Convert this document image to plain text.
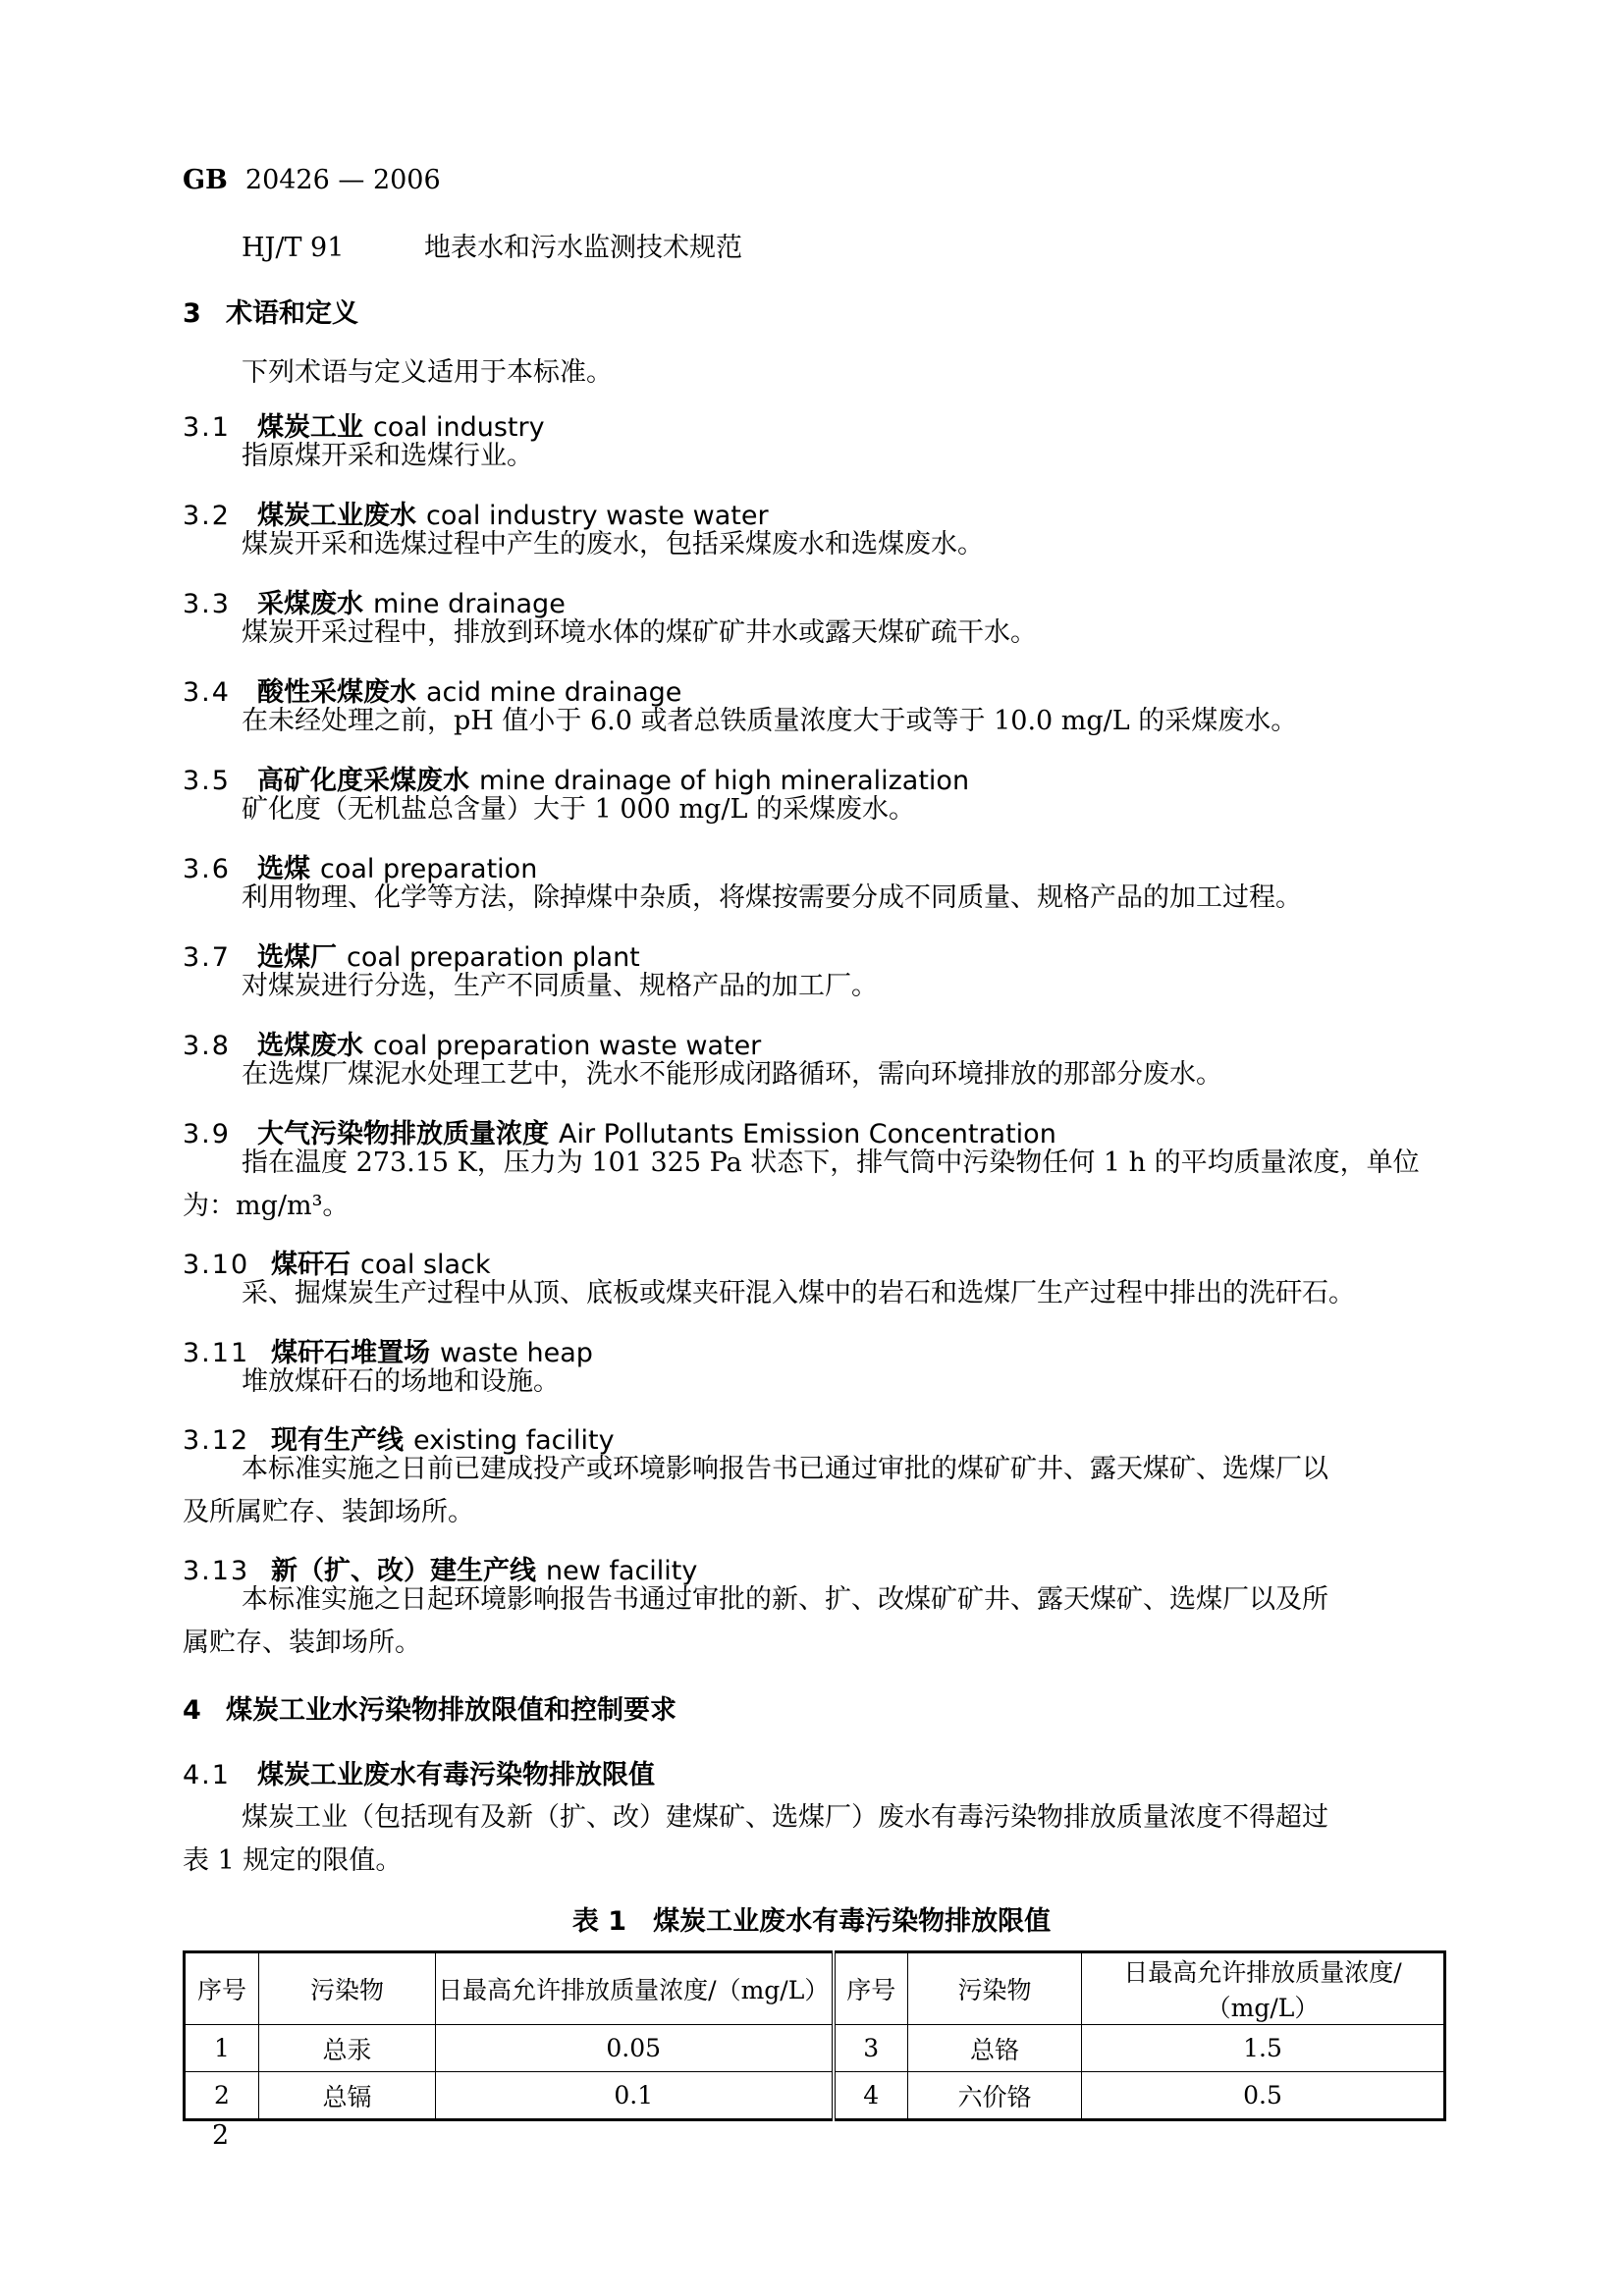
GB 20426 — 2006
HJ/T 91	地表水和污水监测技术规范
3 术语和定义
下列术语与定义适用于本标准。
3.1 煤炭工业 coal industry
指原煤开采和选煤行业。
3.2 煤炭工业废水 coal industry waste water
煤炭开采和选煤过程中产生的废水，包括采煤废水和选煤废水。
3.3 采煤废水 mine drainage
煤炭开采过程中，排放到环境水体的煤矿矿井水或露天煤矿疏干水。
3.4 酸性采煤废水 acid mine drainage
在未经处理之前，pH 值小于 6.0 或者总铁质量浓度大于或等于 10.0 mg/L 的采煤废水。
3.5 高矿化度采煤废水 mine drainage of high mineralization
矿化度（无机盐总含量）大于 1 000 mg/L 的采煤废水。
3.6 选煤 coal preparation
利用物理、化学等方法，除掉煤中杂质，将煤按需要分成不同质量、规格产品的加工过程。
3.7 选煤厂 coal preparation plant
对煤炭进行分选，生产不同质量、规格产品的加工厂。
3.8 选煤废水 coal preparation waste water
在选煤厂煤泥水处理工艺中，洗水不能形成闭路循环，需向环境排放的那部分废水。
3.9 大气污染物排放质量浓度 Air Pollutants Emission Concentration
指在温度 273.15 K，压力为 101 325 Pa 状态下，排气筒中污染物任何 1 h 的平均质量浓度，单位
为：mg/m³。
3.10 煤矸石 coal slack
采、掘煤炭生产过程中从顶、底板或煤夹矸混入煤中的岩石和选煤厂生产过程中排出的洗矸石。
3.11 煤矸石堆置场 waste heap
堆放煤矸石的场地和设施。
3.12 现有生产线 existing facility
本标准实施之日前已建成投产或环境影响报告书已通过审批的煤矿矿井、露天煤矿、选煤厂以
及所属贮存、装卸场所。
3.13 新（扩、改）建生产线 new facility
本标准实施之日起环境影响报告书通过审批的新、扩、改煤矿矿井、露天煤矿、选煤厂以及所
属贮存、装卸场所。
4 煤炭工业水污染物排放限值和控制要求
4.1 煤炭工业废水有毒污染物排放限值
煤炭工业（包括现有及新（扩、改）建煤矿、选煤厂）废水有毒污染物排放质量浓度不得超过
表 1 规定的限值。
表 1　煤炭工业废水有毒污染物排放限值
序号	污染物	日最高允许排放质量浓度/（mg/L）	序号	污染物	日最高允许排放质量浓度/（mg/L）
1	总汞	0.05	3	总铬	1.5
2	总镉	0.1	4	六价铬	0.5
2
